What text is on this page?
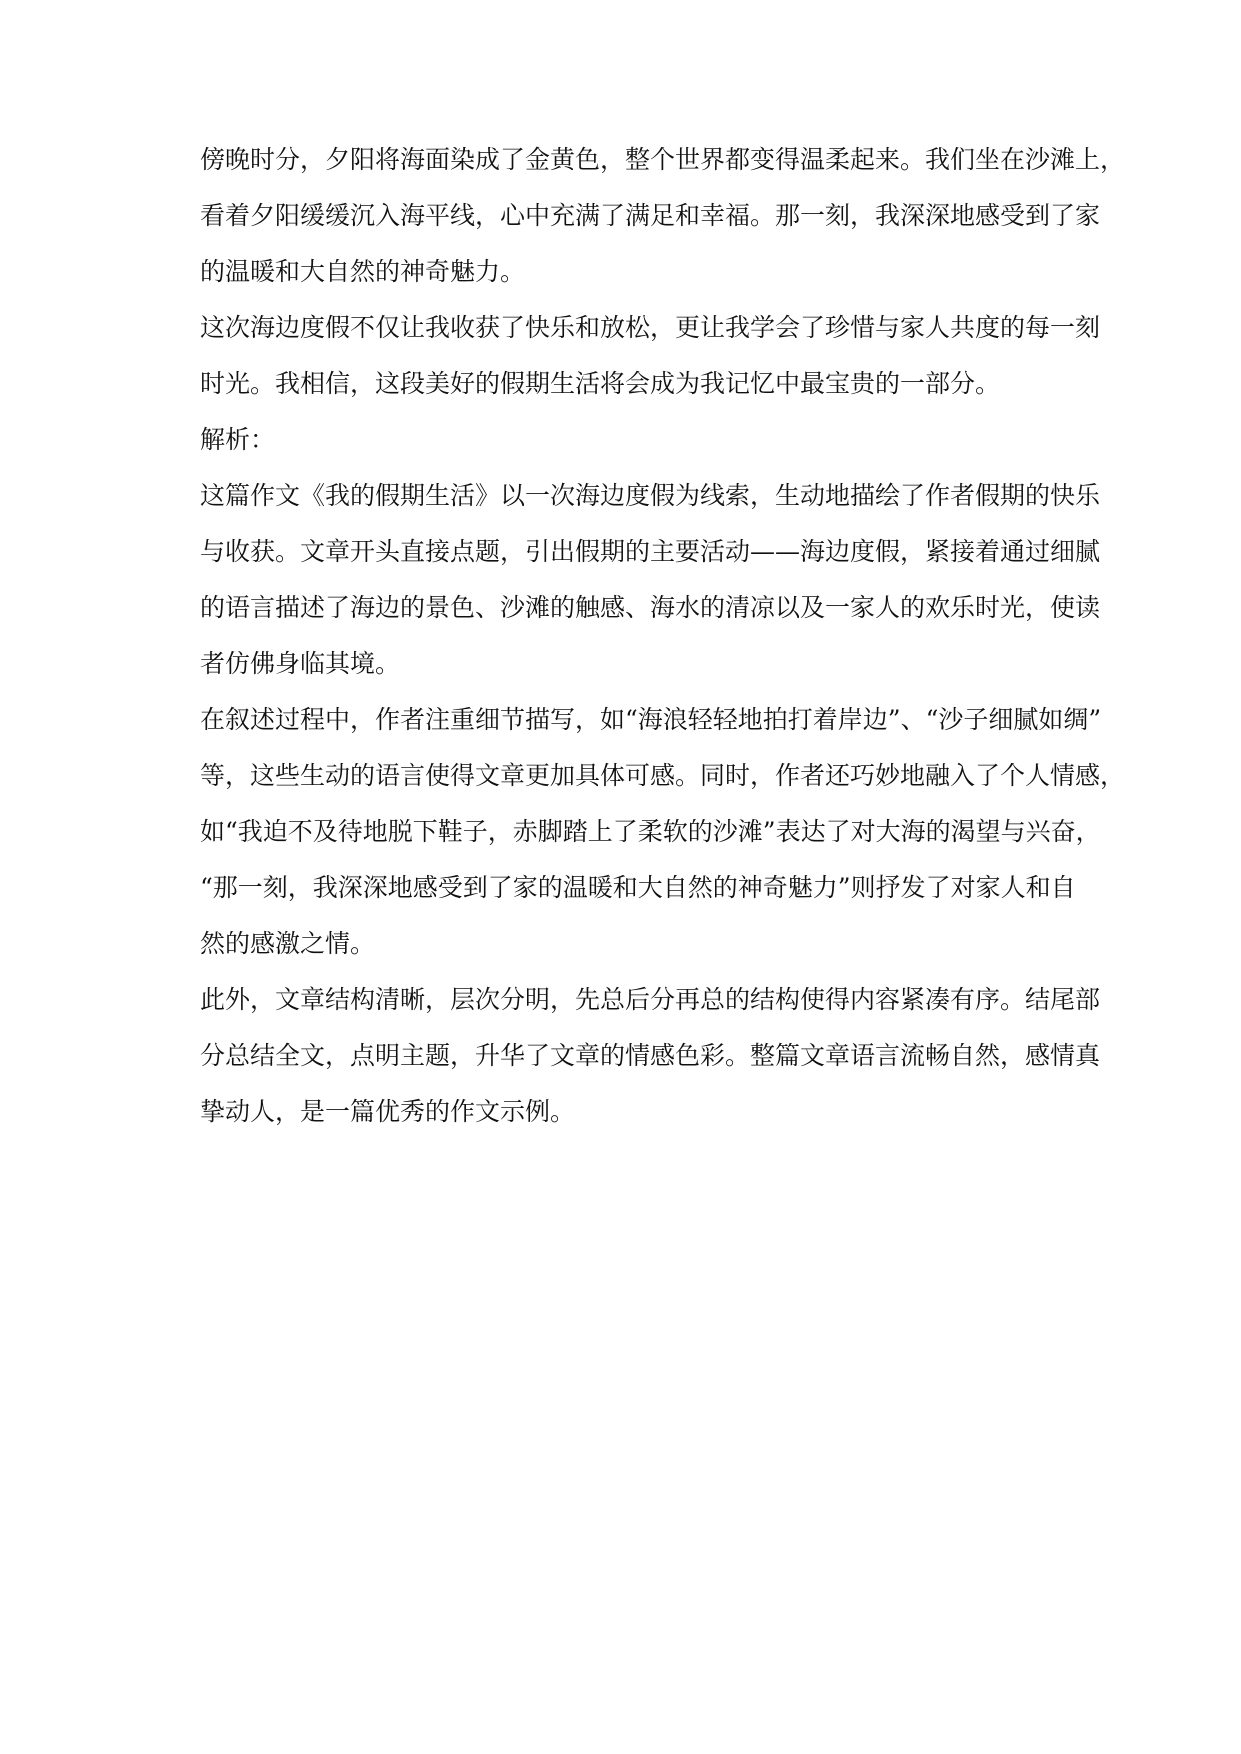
傍晚时分，夕阳将海面染成了金黄色，整个世界都变得温柔起来。我们坐在沙滩上，
看着夕阳缓缓沉入海平线，心中充满了满足和幸福。那一刻，我深深地感受到了家
的温暖和大自然的神奇魅力。

这次海边度假不仅让我收获了快乐和放松，更让我学会了珍惜与家人共度的每一刻
时光。我相信，这段美好的假期生活将会成为我记忆中最宝贵的一部分。

解析：

这篇作文《我的假期生活》以一次海边度假为线索，生动地描绘了作者假期的快乐
与收获。文章开头直接点题，引出假期的主要活动——海边度假，紧接着通过细腻
的语言描述了海边的景色、沙滩的触感、海水的清凉以及一家人的欢乐时光，使读
者仿佛身临其境。

在叙述过程中，作者注重细节描写，如“海浪轻轻地拍打着岸边”、“沙子细腻如绸”
等，这些生动的语言使得文章更加具体可感。同时，作者还巧妙地融入了个人情感，
如“我迫不及待地脱下鞋子，赤脚踏上了柔软的沙滩”表达了对大海的渴望与兴奋，
“那一刻，我深深地感受到了家的温暖和大自然的神奇魅力”则抒发了对家人和自
然的感激之情。

此外，文章结构清晰，层次分明，先总后分再总的结构使得内容紧凑有序。结尾部
分总结全文，点明主题，升华了文章的情感色彩。整篇文章语言流畅自然，感情真
挚动人，是一篇优秀的作文示例。
